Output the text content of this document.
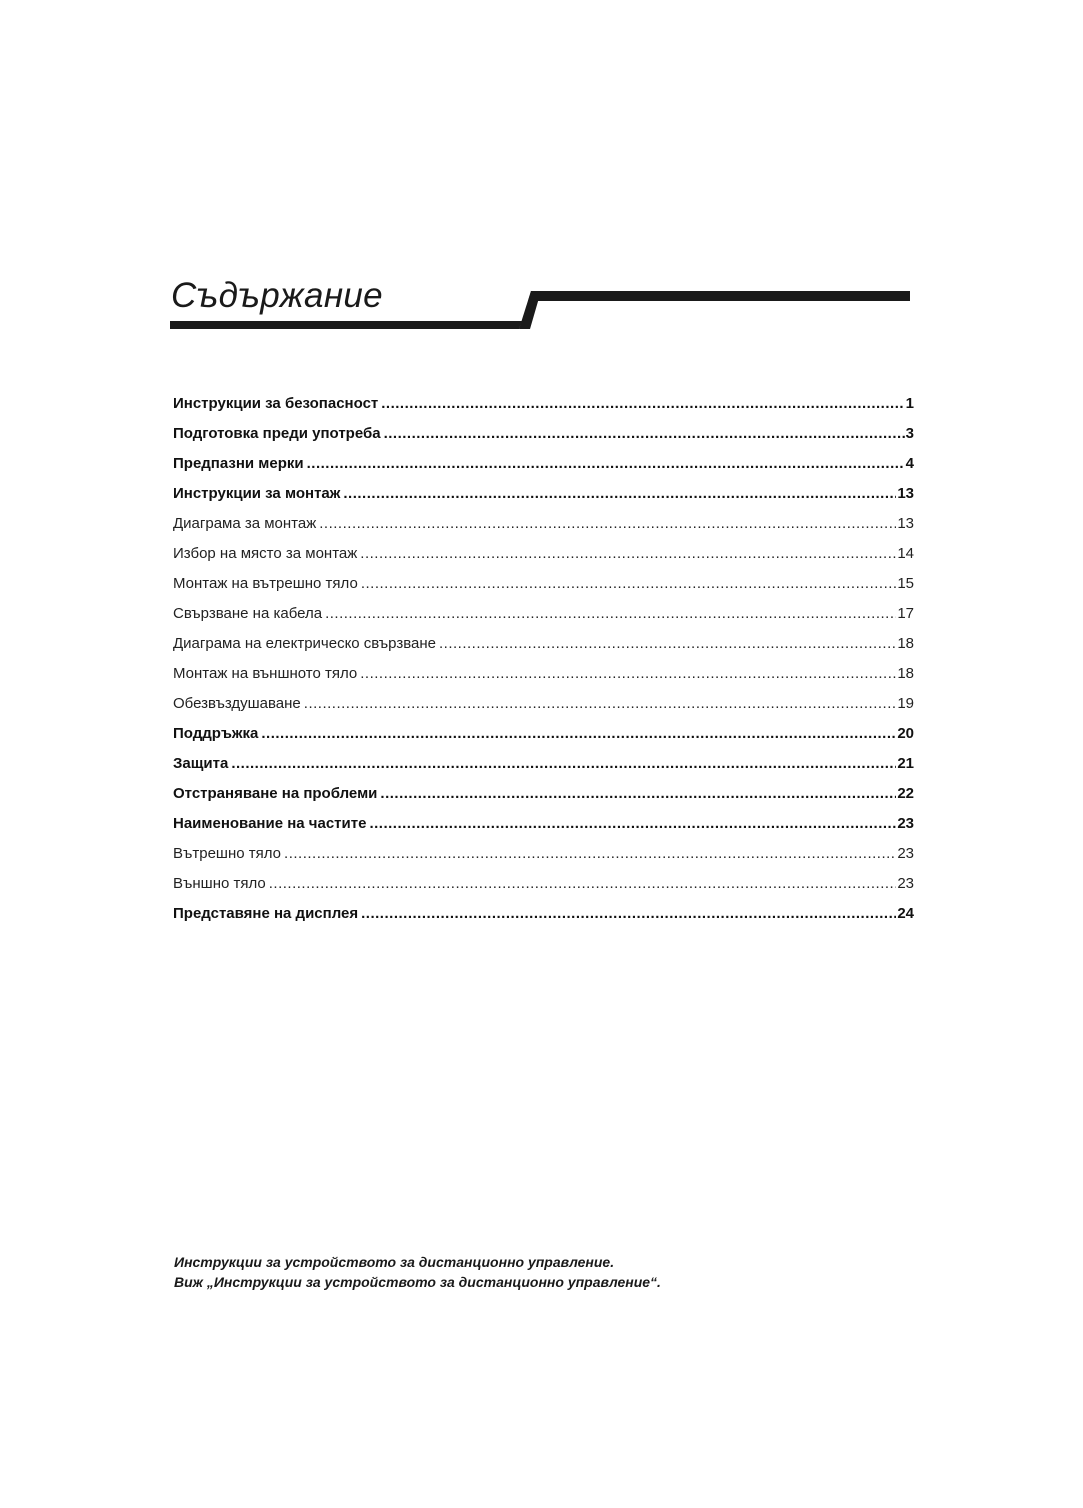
Съдържание
Инструкции за безопасност .....	1
Подготовка преди употреба .....	3
Предпазни мерки .....	4
Инструкции за монтаж .....	13
Диаграма за монтаж .....	13
Избор на място за монтаж .....	14
Монтаж на вътрешно тяло .....	15
Свързване на кабела .....	17
Диаграма на електрическо свързване .....	18
Монтаж на външното тяло .....	18
Обезвъздушаване .....	19
Поддръжка .....	20
Защита .....	21
Отстраняване на проблеми .....	22
Наименование на частите .....	23
Вътрешно тяло .....	23
Външно тяло .....	23
Представяне на дисплея .....	24
Инструкции за устройството за дистанционно управление.
Виж „Инструкции за устройството за дистанционно управление“.
